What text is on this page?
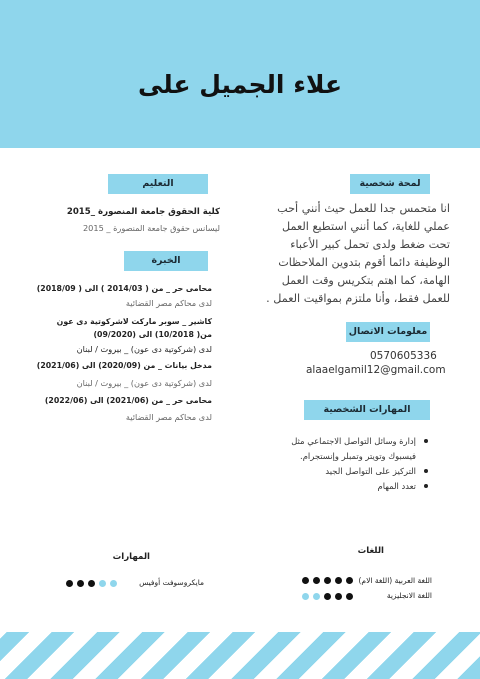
علاء الجميل على
لمحة شخصية
انا متحمس جدا للعمل حيث أنني أحب
عملي للغاية، كما أنني استطيع العمل
تحت ضغط ولدى تحمل كبير الأعباء
الوظيفة دائما أقوم بتدوين الملاحظات
الهامة، كما اهتم بتكريس وقت العمل
للعمل فقط، وأنا ملتزم بمواقيت العمل .
معلومات الاتصال
0570605336
alaaelgamil12@gmail.com
المهارات الشخصية
إدارة وسائل التواصل الاجتماعي مثل
فيسبوك وتويتر وتمبلر وإنستجرام.
التركيز على التواصل الجيد
تعدد المهام
التعليم
كلية الحقوق جامعة المنصورة _2015
ليسانس حقوق جامعة المنصورة _ 2015
الخبرة
محامى حر _ من ( 2014/03 ) الى ( 2018/09)
لدى محاكم مصر القضائية
كاشير _ سوبر ماركت لاشركوتية دى عون
من( 10/2018) الى (09/2020)
لدى (شركوتية دى عون) _ بيروت / لبنان
مدخل بيانات _ من (2020/09) الى (2021/06)
لدى (شركوتية دى عون) _ بيروت / لبنان
محامى حر _ من (2021/06) الى (2022/06)
لدى محاكم مصر القضائية
اللغات
اللغة العربية (اللغة الام)
اللغة الانجليزية
المهارات
مايكروسوفت أوفيس
